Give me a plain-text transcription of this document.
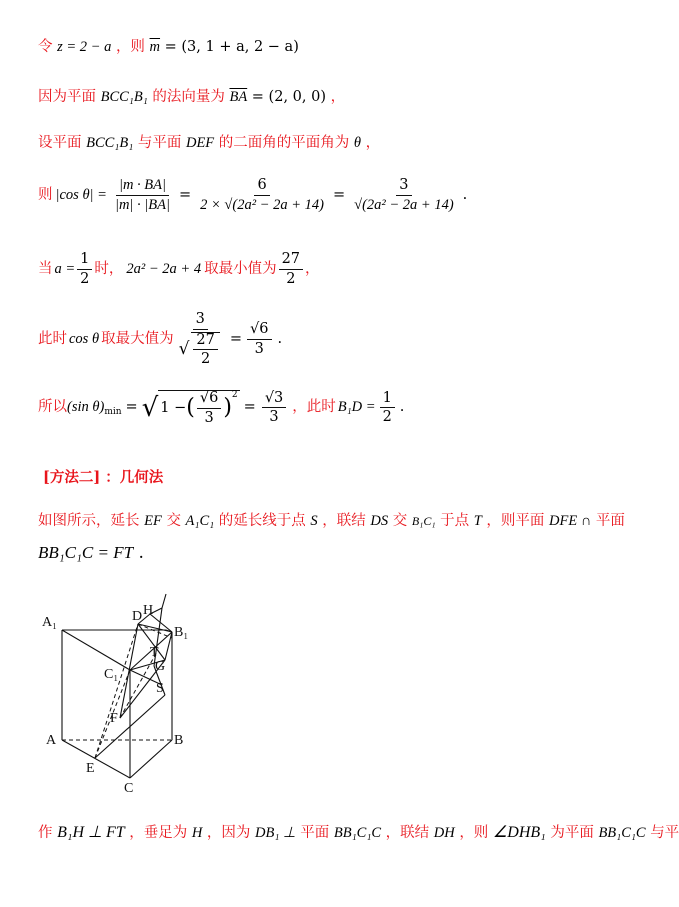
令 z = 2 − a ，则 $\overline{m} = (3$, 1 + a, 2 − a)
因为平面 BCC₁B₁ 的法向量为 $\overline{BA} = (2$, 0, 0) ，
设平面 BCC₁B₁ 与平面 DEF 的二面角的平面角为 θ ，
则 |cos $\theta| = \frac{|m \cdot BA|}{|m| \cdot |BA|} = \frac{6}{\text{2 × √(2a² − 2a + 14)}} = \frac{3}{\text{√(2a² − 2a + 14)}}$ .
当 $a = \frac{1}{2}$ 时， 2a² − 2a + 4 取最小值为 $\frac{27}{2}$ ，
此时 cos θ 取最大值为 $\frac{3}{√ \frac{27}{2}} = \frac{√6}{3}$ .
所以 (sin $\theta)_{min}$ = √ 1 − ( $\frac{√6}{3} )^2$
= $\frac{√3}{3}$ ，此时 $B_1D = \frac{1}{2}$ .
[方法二] ：几何法
如图所示，延长 EF 交 A₁C₁ 的延长线于点 S ，联结 DS 交 B₁C₁ 于点 T ，则平面 DFE ∩ 平面
BB₁C₁C = FT .
A₁	D H
B₁
T
C₁
G
S
F
A	B
E
C
作 B₁H ⊥ FT ，垂足为 H ，因为 DB₁ ⊥ 平面 BB₁C₁C ，联结 DH ，则 ∠DHB₁ 为平面 BB₁C₁C 与平
